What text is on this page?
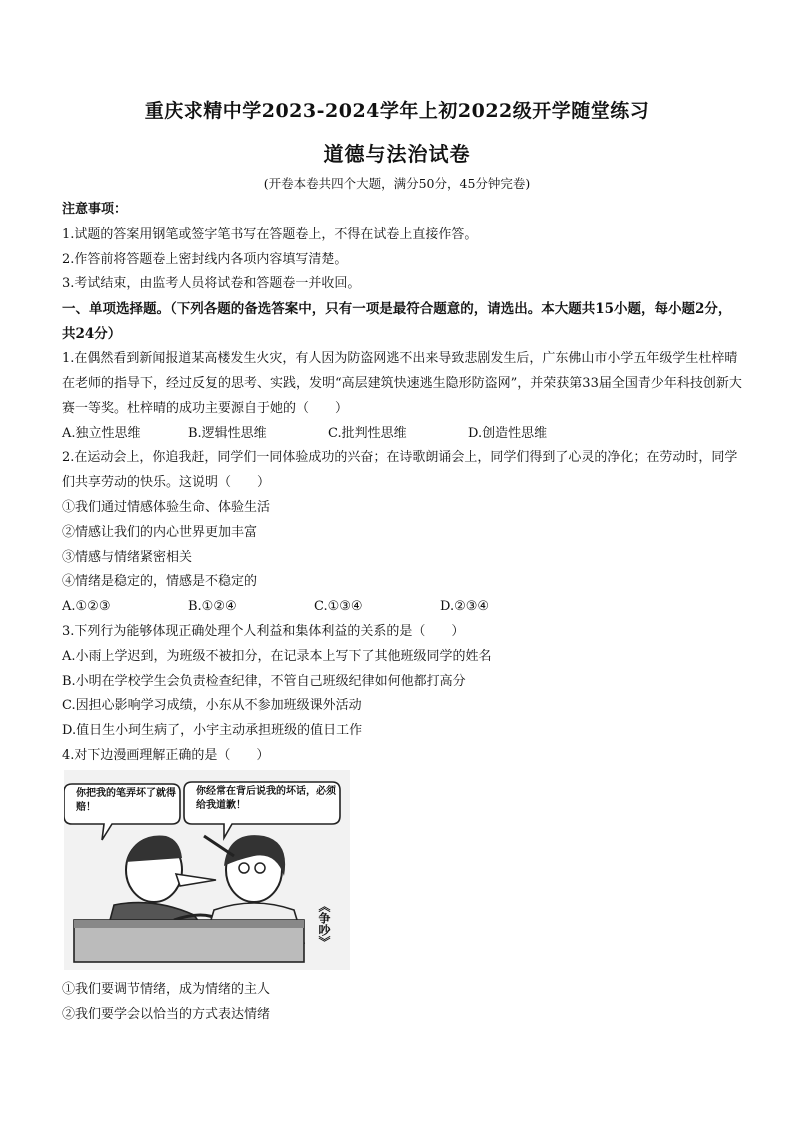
重庆求精中学2023-2024学年上初2022级开学随堂练习
道德与法治试卷
(开卷本卷共四个大题，满分50分，45分钟完卷)
注意事项：
1.试题的答案用钢笔或签字笔书写在答题卷上，不得在试卷上直接作答。
2.作答前将答题卷上密封线内各项内容填写清楚。
3.考试结束，由监考人员将试卷和答题卷一并收回。
一、单项选择题。（下列各题的备选答案中，只有一项是最符合题意的，请选出。本大题共15小题，每小题2分，共24分）
1.在偶然看到新闻报道某高楼发生火灾，有人因为防盗网逃不出来导致悲剧发生后，广东佛山市小学五年级学生杜梓晴在老师的指导下，经过反复的思考、实践，发明“高层建筑快速逃生隐形防盗网”，并荣获第33届全国青少年科技创新大赛一等奖。杜梓晴的成功主要源自于她的（　　）
A.独立性思维	B.逻辑性思维	C.批判性思维	D.创造性思维
2.在运动会上，你追我赶，同学们一同体验成功的兴奋；在诗歌朗诵会上，同学们得到了心灵的净化；在劳动时，同学们共享劳动的快乐。这说明（　　）
①我们通过情感体验生命、体验生活
②情感让我们的内心世界更加丰富
③情感与情绪紧密相关
④情绪是稳定的，情感是不稳定的
A.①②③	B.①②④	C.①③④	D.②③④
3.下列行为能够体现正确处理个人利益和集体利益的关系的是（　　）
A.小雨上学迟到，为班级不被扣分，在记录本上写下了其他班级同学的姓名
B.小明在学校学生会负责检查纪律，不管自己班级纪律如何他都打高分
C.因担心影响学习成绩，小东从不参加班级课外活动
D.值日生小珂生病了，小宇主动承担班级的值日工作
4.对下边漫画理解正确的是（　　）
你把我的笔弄坏了就得赔！
你经常在背后说我的坏话，必须给我道歉！
《争吵》
①我们要调节情绪，成为情绪的主人
②我们要学会以恰当的方式表达情绪
